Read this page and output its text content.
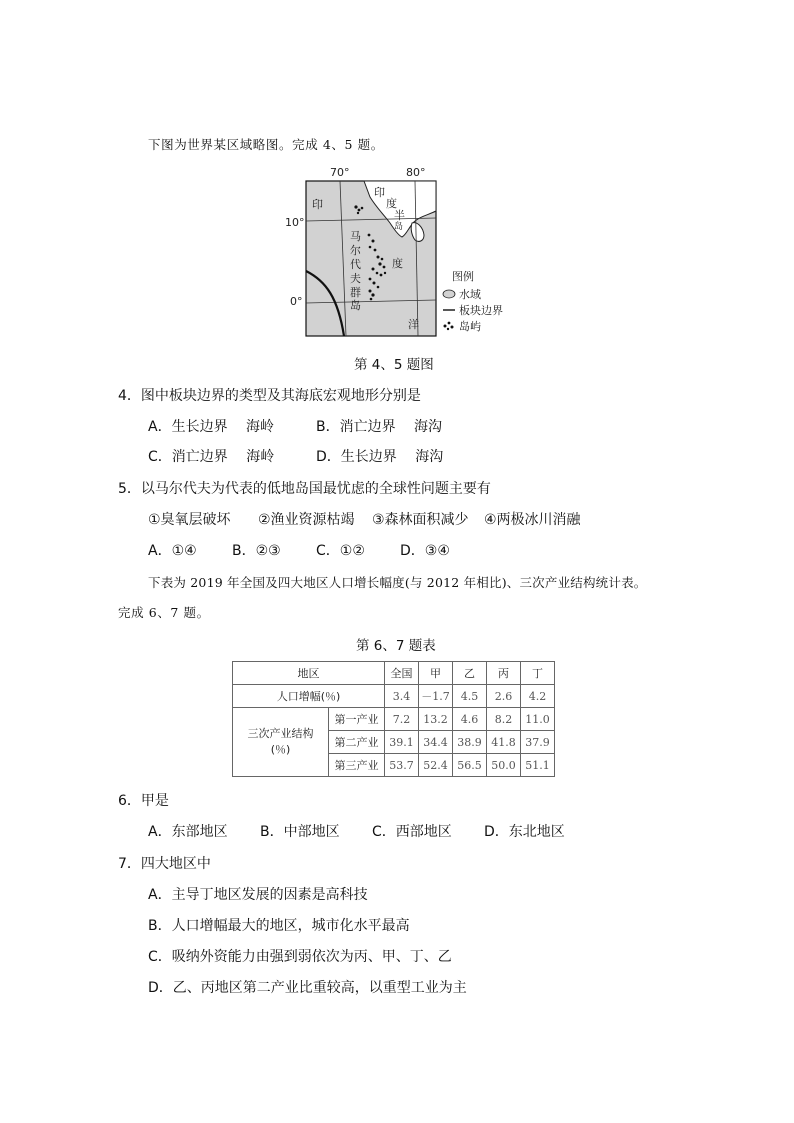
下图为世界某区域略图。完成 4、5 题。
70°	80°
10°
0°
印
印
度
半
岛
马
尔
代
夫
群
岛
度
洋
图例
水域
板块边界
岛屿
第 4、5 题图
4．图中板块边界的类型及其海底宏观地形分别是
A．生长边界　 海岭	B．消亡边界　 海沟
C．消亡边界　 海岭	D．生长边界　 海沟
5．以马尔代夫为代表的低地岛国最忧虑的全球性问题主要有
①臭氧层破坏 ②渔业资源枯竭 ③森林面积减少 ④两极冰川消融
A．①④	B．②③	C．①②	D．③④
下表为 2019 年全国及四大地区人口增长幅度(与 2012 年相比)、三次产业结构统计表。
完成 6、7 题。
第 6、7 题表
地区		全国	甲	乙	丙	丁
人口增幅(％)		3.4	－1.7	4.5	2.6	4.2

三次产业结构
(％)	第一产业	7.2	13.2	4.6	8.2	11.0
	第二产业	39.1	34.4	38.9	41.8	37.9
	第三产业	53.7	52.4	56.5	50.0	51.1
6．甲是
A．东部地区 B．中部地区 C．西部地区 D．东北地区
7．四大地区中
A．主导丁地区发展的因素是高科技
B．人口增幅最大的地区，城市化水平最高
C．吸纳外资能力由强到弱依次为丙、甲、丁、乙
D．乙、丙地区第二产业比重较高，以重型工业为主
